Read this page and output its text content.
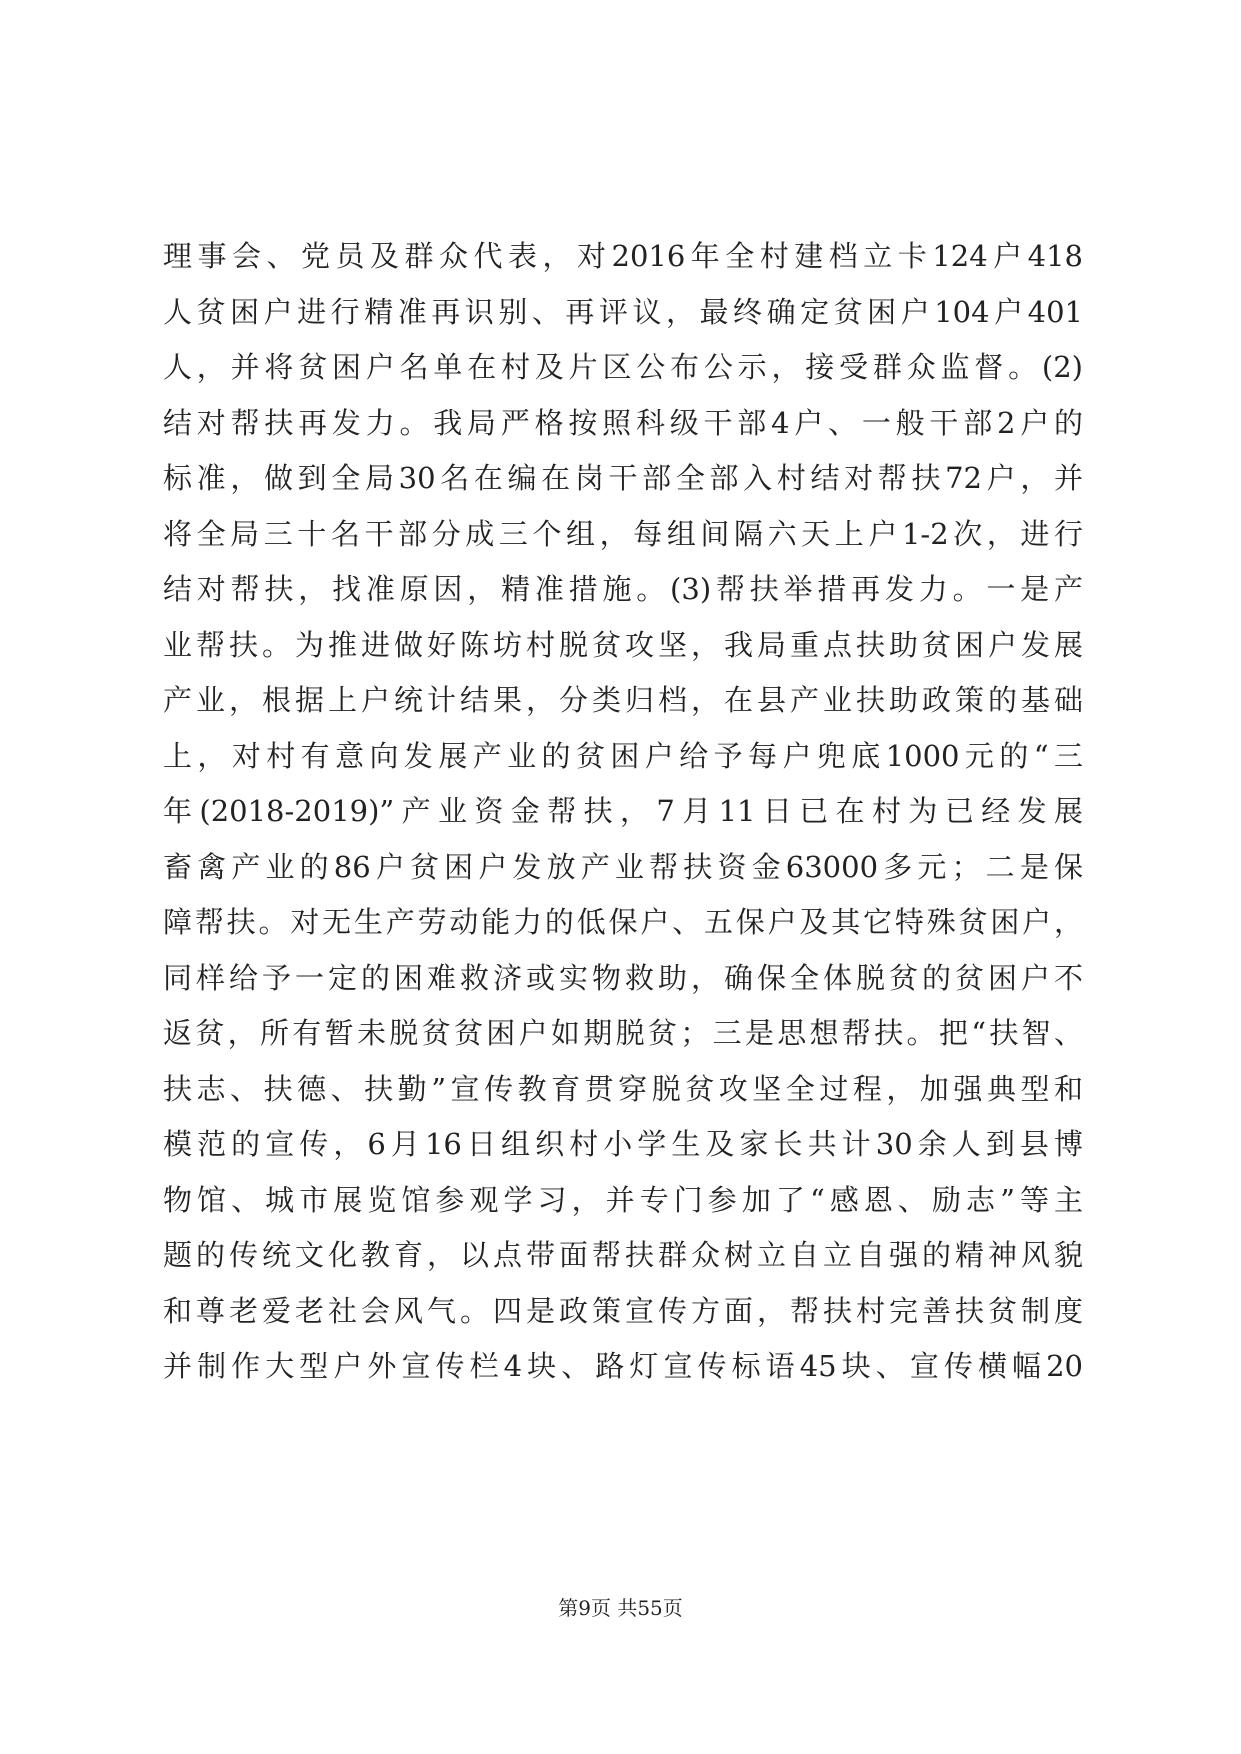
理事会、党员及群众代表，对2016年全村建档立卡124户418
人贫困户进行精准再识别、再评议，最终确定贫困户104户401
人，并将贫困户名单在村及片区公布公示，接受群众监督。(2)
结对帮扶再发力。我局严格按照科级干部4户、一般干部2户的
标准，做到全局30名在编在岗干部全部入村结对帮扶72户，并
将全局三十名干部分成三个组，每组间隔六天上户1-2次，进行
结对帮扶，找准原因，精准措施。(3)帮扶举措再发力。一是产
业帮扶。为推进做好陈坊村脱贫攻坚，我局重点扶助贫困户发展
产业，根据上户统计结果，分类归档，在县产业扶助政策的基础
上，对村有意向发展产业的贫困户给予每户兜底1000元的“三
年(2018-2019)”产业资金帮扶，7月11日已在村为已经发展
畜禽产业的86户贫困户发放产业帮扶资金63000多元；二是保
障帮扶。对无生产劳动能力的低保户、五保户及其它特殊贫困户，
同样给予一定的困难救济或实物救助，确保全体脱贫的贫困户不
返贫，所有暂未脱贫贫困户如期脱贫；三是思想帮扶。把“扶智、
扶志、扶德、扶勤”宣传教育贯穿脱贫攻坚全过程，加强典型和
模范的宣传，6月16日组织村小学生及家长共计30余人到县博
物馆、城市展览馆参观学习，并专门参加了“感恩、励志”等主
题的传统文化教育，以点带面帮扶群众树立自立自强的精神风貌
和尊老爱老社会风气。四是政策宣传方面，帮扶村完善扶贫制度
并制作大型户外宣传栏4块、路灯宣传标语45块、宣传横幅20
第9页 共55页
